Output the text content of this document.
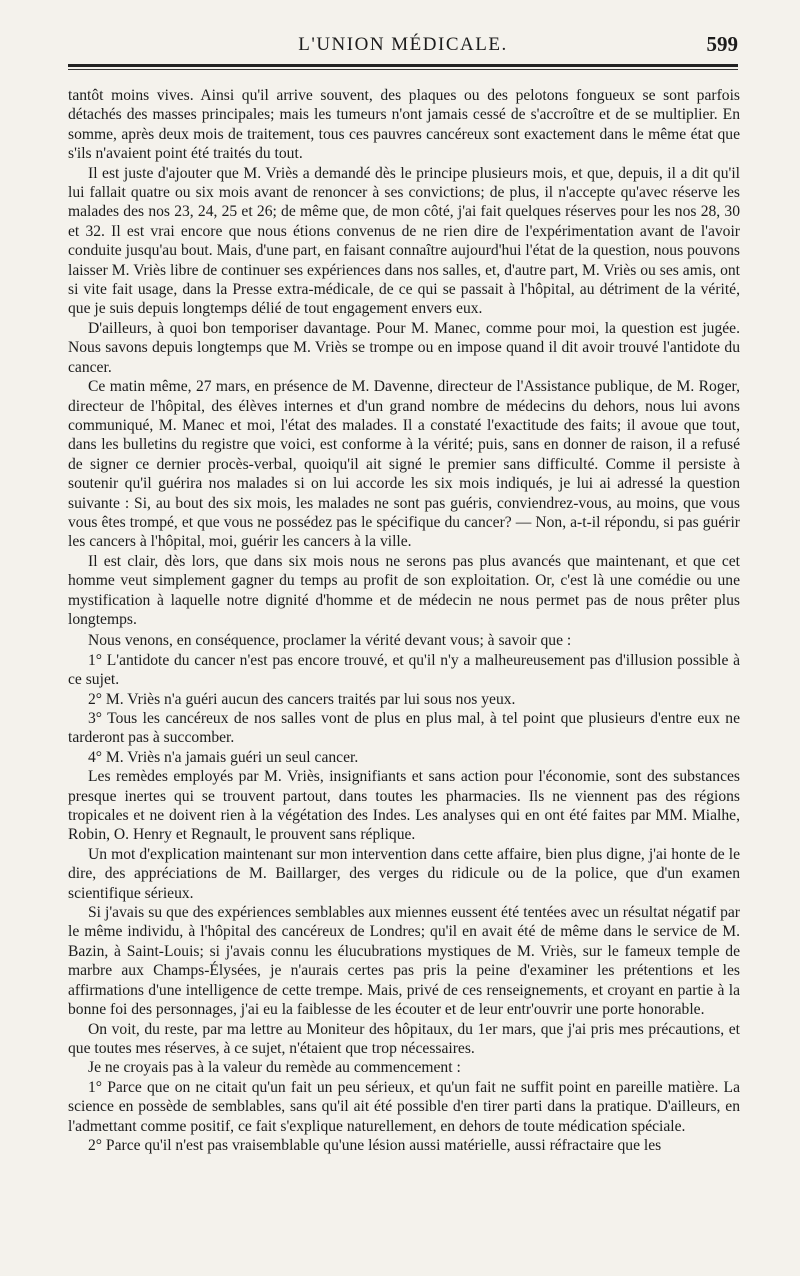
L'UNION MÉDICALE.	599

tantôt moins vives. Ainsi qu'il arrive souvent, des plaques ou des pelotons fongueux se sont parfois détachés des masses principales; mais les tumeurs n'ont jamais cessé de s'accroître et de se multiplier. En somme, après deux mois de traitement, tous ces pauvres cancéreux sont exactement dans le même état que s'ils n'avaient point été traités du tout.

Il est juste d'ajouter que M. Vriès a demandé dès le principe plusieurs mois, et que, depuis, il a dit qu'il lui fallait quatre ou six mois avant de renoncer à ses convictions; de plus, il n'accepte qu'avec réserve les malades des nos 23, 24, 25 et 26; de même que, de mon côté, j'ai fait quelques réserves pour les nos 28, 30 et 32. Il est vrai encore que nous étions convenus de ne rien dire de l'expérimentation avant de l'avoir conduite jusqu'au bout. Mais, d'une part, en faisant connaître aujourd'hui l'état de la question, nous pouvons laisser M. Vriès libre de continuer ses expériences dans nos salles, et, d'autre part, M. Vriès ou ses amis, ont si vite fait usage, dans la Presse extra-médicale, de ce qui se passait à l'hôpital, au détriment de la vérité, que je suis depuis longtemps délié de tout engagement envers eux.

D'ailleurs, à quoi bon temporiser davantage. Pour M. Manec, comme pour moi, la question est jugée. Nous savons depuis longtemps que M. Vriès se trompe ou en impose quand il dit avoir trouvé l'antidote du cancer.

Ce matin même, 27 mars, en présence de M. Davenne, directeur de l'Assistance publique, de M. Roger, directeur de l'hôpital, des élèves internes et d'un grand nombre de médecins du dehors, nous lui avons communiqué, M. Manec et moi, l'état des malades. Il a constaté l'exactitude des faits; il avoue que tout, dans les bulletins du registre que voici, est conforme à la vérité; puis, sans en donner de raison, il a refusé de signer ce dernier procès-verbal, quoiqu'il ait signé le premier sans difficulté. Comme il persiste à soutenir qu'il guérira nos malades si on lui accorde les six mois indiqués, je lui ai adressé la question suivante : Si, au bout des six mois, les malades ne sont pas guéris, conviendrez-vous, au moins, que vous vous êtes trompé, et que vous ne possédez pas le spécifique du cancer? — Non, a-t-il répondu, si pas guérir les cancers à l'hôpital, moi, guérir les cancers à la ville.

Il est clair, dès lors, que dans six mois nous ne serons pas plus avancés que maintenant, et que cet homme veut simplement gagner du temps au profit de son exploitation. Or, c'est là une comédie ou une mystification à laquelle notre dignité d'homme et de médecin ne nous permet pas de nous prêter plus longtemps.

Nous venons, en conséquence, proclamer la vérité devant vous; à savoir que :

1° L'antidote du cancer n'est pas encore trouvé, et qu'il n'y a malheureusement pas d'illusion possible à ce sujet.

2° M. Vriès n'a guéri aucun des cancers traités par lui sous nos yeux.

3° Tous les cancéreux de nos salles vont de plus en plus mal, à tel point que plusieurs d'entre eux ne tarderont pas à succomber.

4° M. Vriès n'a jamais guéri un seul cancer.

Les remèdes employés par M. Vriès, insignifiants et sans action pour l'économie, sont des substances presque inertes qui se trouvent partout, dans toutes les pharmacies. Ils ne viennent pas des régions tropicales et ne doivent rien à la végétation des Indes. Les analyses qui en ont été faites par MM. Mialhe, Robin, O. Henry et Regnault, le prouvent sans réplique.

Un mot d'explication maintenant sur mon intervention dans cette affaire, bien plus digne, j'ai honte de le dire, des appréciations de M. Baillarger, des verges du ridicule ou de la police, que d'un examen scientifique sérieux.

Si j'avais su que des expériences semblables aux miennes eussent été tentées avec un résultat négatif par le même individu, à l'hôpital des cancéreux de Londres; qu'il en avait été de même dans le service de M. Bazin, à Saint-Louis; si j'avais connu les élucubrations mystiques de M. Vriès, sur le fameux temple de marbre aux Champs-Élysées, je n'aurais certes pas pris la peine d'examiner les prétentions et les affirmations d'une intelligence de cette trempe. Mais, privé de ces renseignements, et croyant en partie à la bonne foi des personnages, j'ai eu la faiblesse de les écouter et de leur entr'ouvrir une porte honorable.

On voit, du reste, par ma lettre au Moniteur des hôpitaux, du 1er mars, que j'ai pris mes précautions, et que toutes mes réserves, à ce sujet, n'étaient que trop nécessaires.

Je ne croyais pas à la valeur du remède au commencement :

1° Parce que on ne citait qu'un fait un peu sérieux, et qu'un fait ne suffit point en pareille matière. La science en possède de semblables, sans qu'il ait été possible d'en tirer parti dans la pratique. D'ailleurs, en l'admettant comme positif, ce fait s'explique naturellement, en dehors de toute médication spéciale.

2° Parce qu'il n'est pas vraisemblable qu'une lésion aussi matérielle, aussi réfractaire que les
